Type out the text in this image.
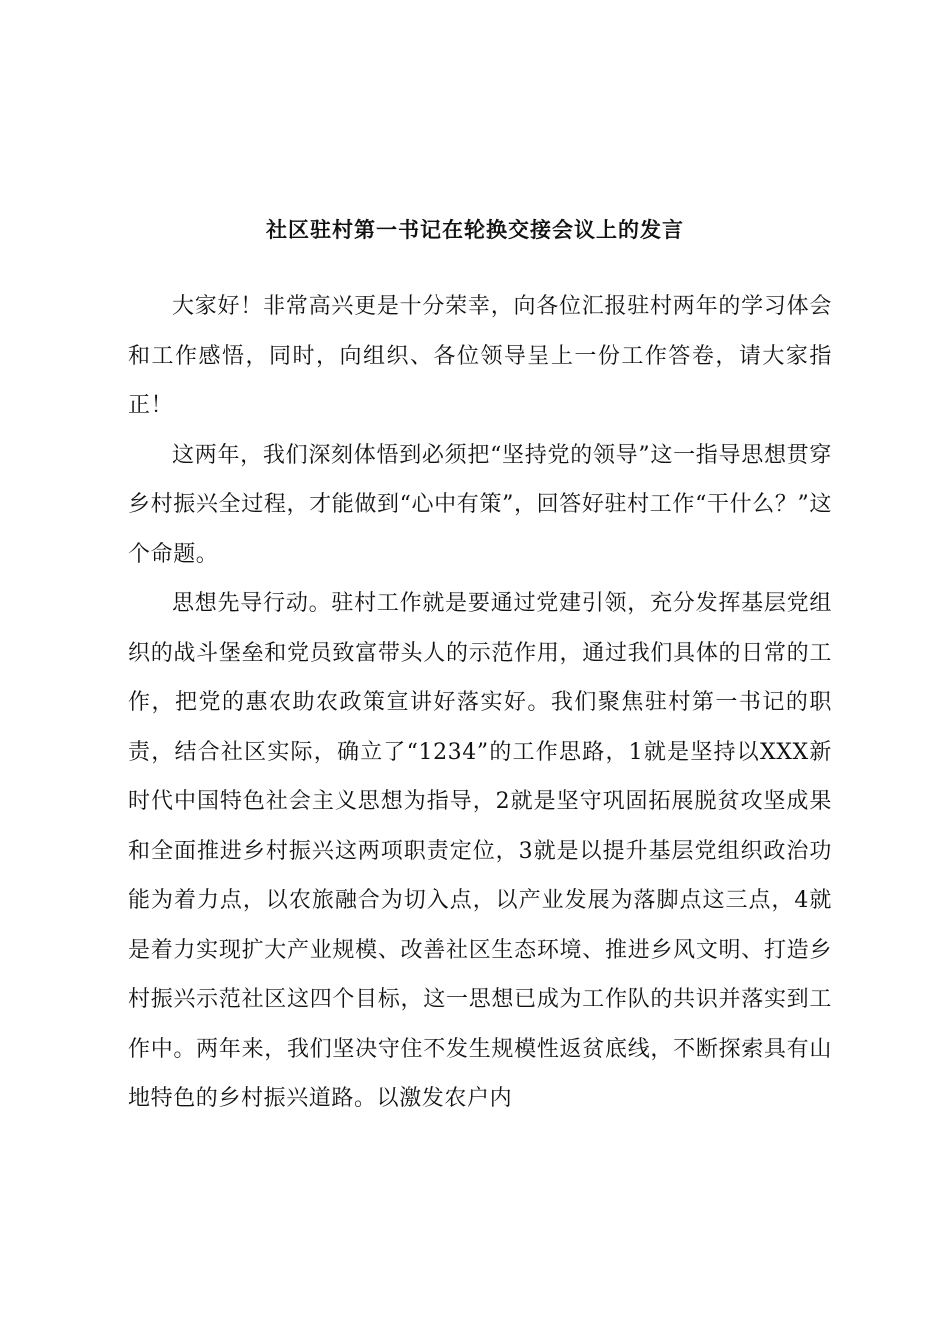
社区驻村第一书记在轮换交接会议上的发言

大家好！非常高兴更是十分荣幸，向各位汇报驻村两年的学习体会和工作感悟，同时，向组织、各位领导呈上一份工作答卷，请大家指正！

这两年，我们深刻体悟到必须把“坚持党的领导”这一指导思想贯穿乡村振兴全过程，才能做到“心中有策”，回答好驻村工作“干什么？”这个命题。

思想先导行动。驻村工作就是要通过党建引领，充分发挥基层党组织的战斗堡垒和党员致富带头人的示范作用，通过我们具体的日常的工作，把党的惠农助农政策宣讲好落实好。我们聚焦驻村第一书记的职责，结合社区实际，确立了“1234”的工作思路，1就是坚持以XXX新时代中国特色社会主义思想为指导，2就是坚守巩固拓展脱贫攻坚成果和全面推进乡村振兴这两项职责定位，3就是以提升基层党组织政治功能为着力点，以农旅融合为切入点，以产业发展为落脚点这三点，4就是着力实现扩大产业规模、改善社区生态环境、推进乡风文明、打造乡村振兴示范社区这四个目标，这一思想已成为工作队的共识并落实到工作中。两年来，我们坚决守住不发生规模性返贫底线，不断探索具有山地特色的乡村振兴道路。以激发农户内
